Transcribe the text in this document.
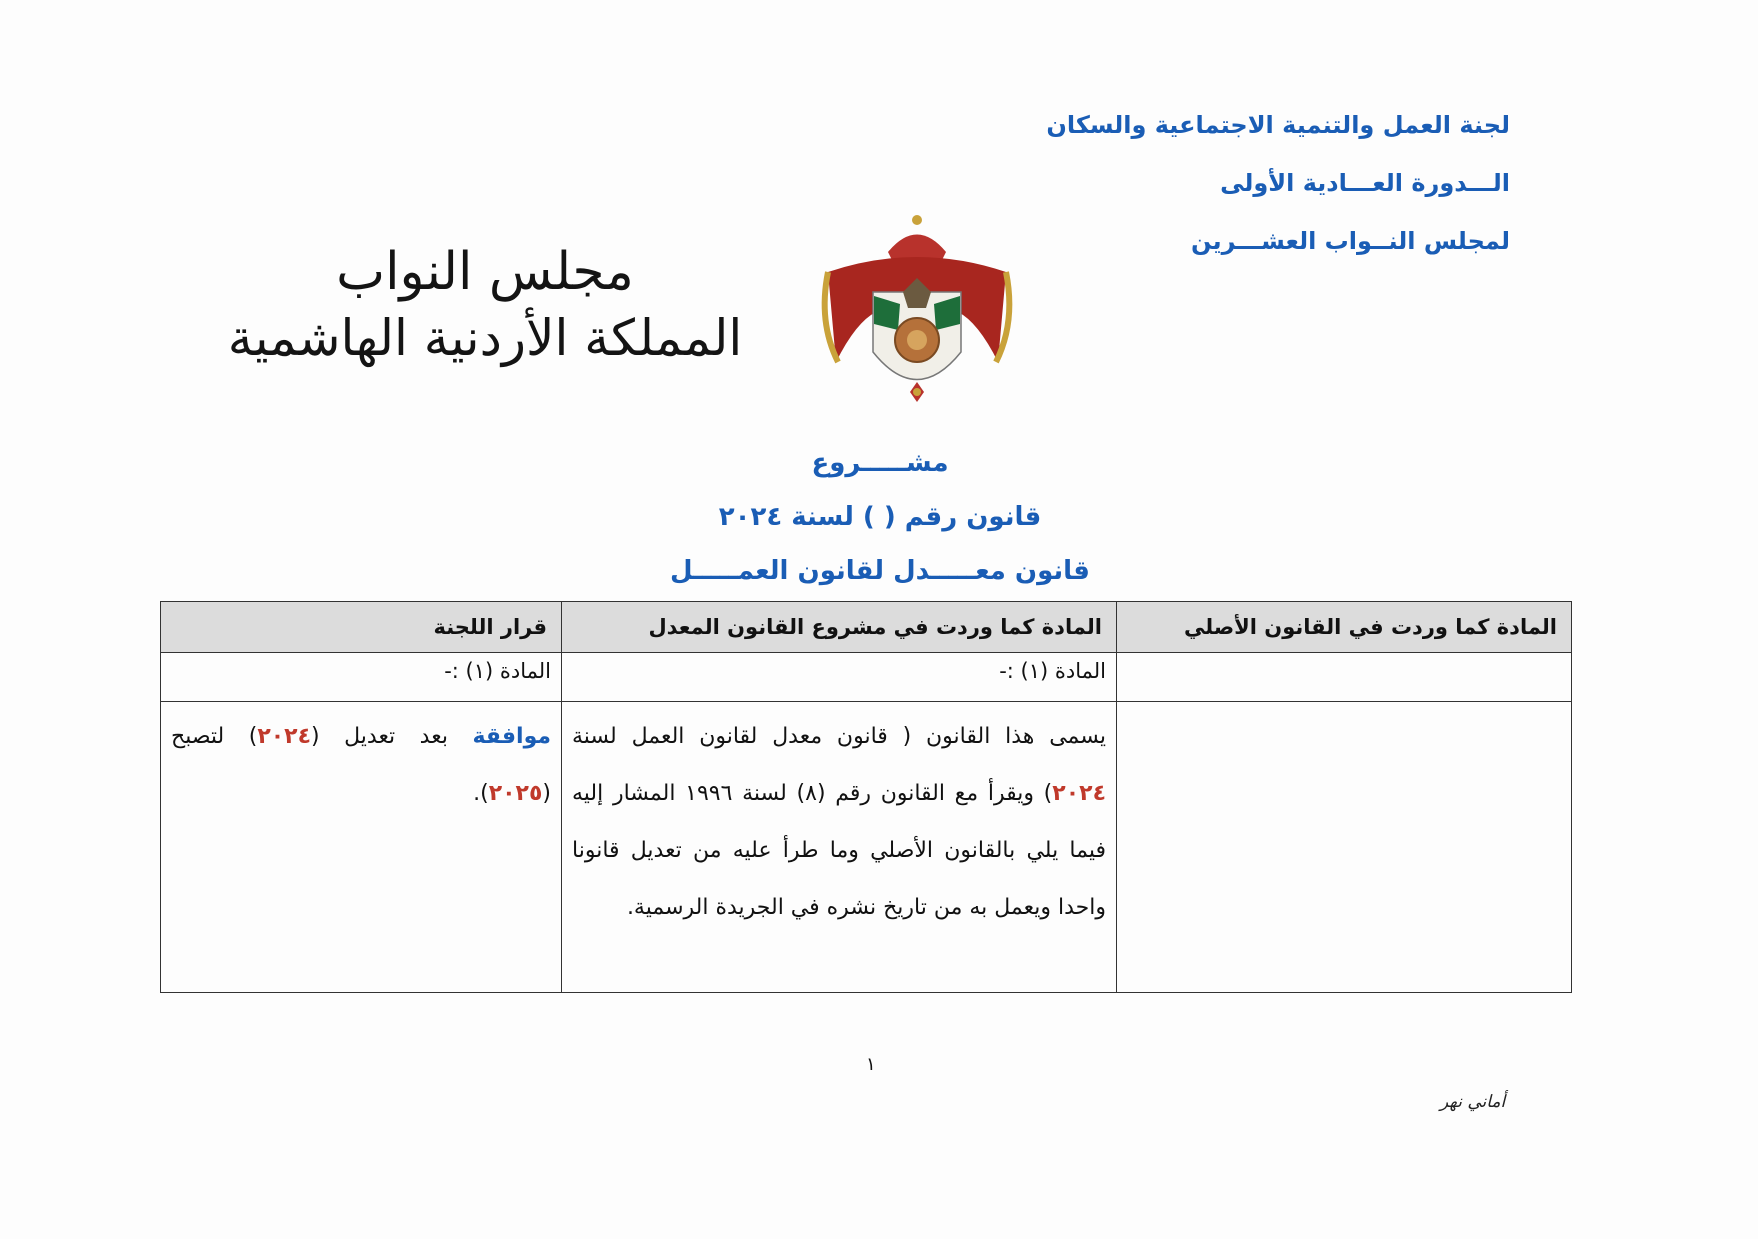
لجنة العمل والتنمية الاجتماعية والسكان
الـــدورة العـــادية الأولى
لمجلس النــواب العشـــرين
مجلس النواب
المملكة الأردنية الهاشمية
مشـــــروع
قانون رقم ( ) لسنة ٢٠٢٤
قانون معـــــدل لقانون العمـــــل
المادة كما وردت في القانون الأصلي	المادة كما وردت في مشروع القانون المعدل	قرار اللجنة
	المادة (١) :-	المادة (١) :-

	يسمى هذا القانون ( قانون معدل لقانون العمل لسنة ٢٠٢٤) ويقرأ مع القانون رقم (٨) لسنة ١٩٩٦ المشار إليه فيما يلي بالقانون الأصلي وما طرأ عليه من تعديل قانونا واحدا ويعمل به من تاريخ نشره في الجريدة الرسمية.	موافقة بعد تعديل (٢٠٢٤) لتصبح (٢٠٢٥).
١
أماني نهر
